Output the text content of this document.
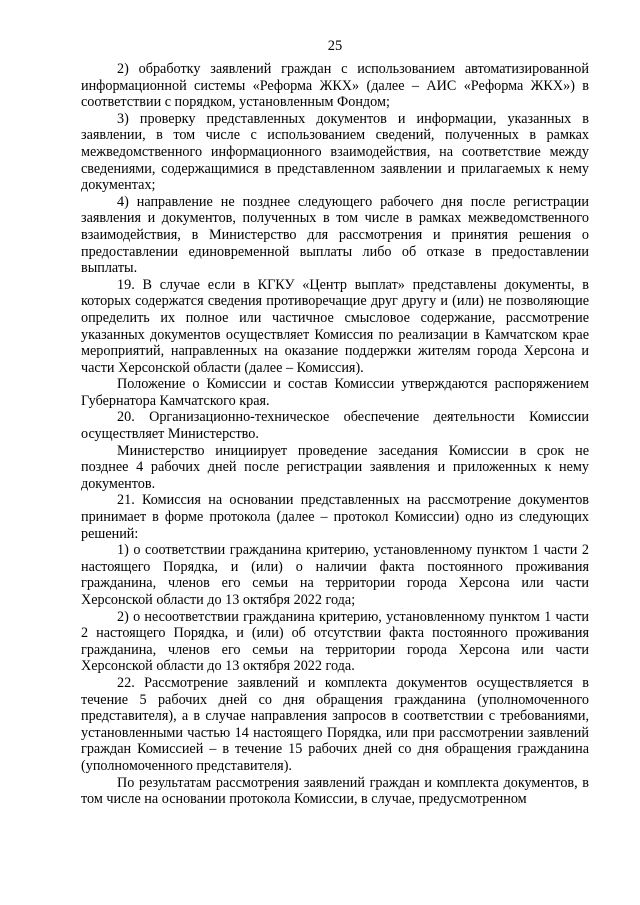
25

2) обработку заявлений граждан с использованием автоматизированной информационной системы «Реформа ЖКХ» (далее – АИС «Реформа ЖКХ») в соответствии с порядком, установленным Фондом;

3) проверку представленных документов и информации, указанных в заявлении, в том числе с использованием сведений, полученных в рамках межведомственного информационного взаимодействия, на соответствие между сведениями, содержащимися в представленном заявлении и прилагаемых к нему документах;

4) направление не позднее следующего рабочего дня после регистрации заявления и документов, полученных в том числе в рамках межведомственного взаимодействия, в Министерство для рассмотрения и принятия решения о предоставлении единовременной выплаты либо об отказе в предоставлении выплаты.

19. В случае если в КГКУ «Центр выплат» представлены документы, в которых содержатся сведения противоречащие друг другу и (или) не позволяющие определить их полное или частичное смысловое содержание, рассмотрение указанных документов осуществляет Комиссия по реализации в Камчатском крае мероприятий, направленных на оказание поддержки жителям города Херсона и части Херсонской области (далее – Комиссия).

Положение о Комиссии и состав Комиссии утверждаются распоряжением Губернатора Камчатского края.

20. Организационно-техническое обеспечение деятельности Комиссии осуществляет Министерство.

Министерство инициирует проведение заседания Комиссии в срок не позднее 4 рабочих дней после регистрации заявления и приложенных к нему документов.

21. Комиссия на основании представленных на рассмотрение документов принимает в форме протокола (далее – протокол Комиссии) одно из следующих решений:

1) о соответствии гражданина критерию, установленному пунктом 1 части 2 настоящего Порядка, и (или) о наличии факта постоянного проживания гражданина, членов его семьи на территории города Херсона или части Херсонской области до 13 октября 2022 года;

2) о несоответствии гражданина критерию, установленному пунктом 1 части 2 настоящего Порядка, и (или) об отсутствии факта постоянного проживания гражданина, членов его семьи на территории города Херсона или части Херсонской области до 13 октября 2022 года.

22. Рассмотрение заявлений и комплекта документов осуществляется в течение 5 рабочих дней со дня обращения гражданина (уполномоченного представителя), а в случае направления запросов в соответствии с требованиями, установленными частью 14 настоящего Порядка, или при рассмотрении заявлений граждан Комиссией – в течение 15 рабочих дней со дня обращения гражданина (уполномоченного представителя).

По результатам рассмотрения заявлений граждан и комплекта документов, в том числе на основании протокола Комиссии, в случае, предусмотренном
